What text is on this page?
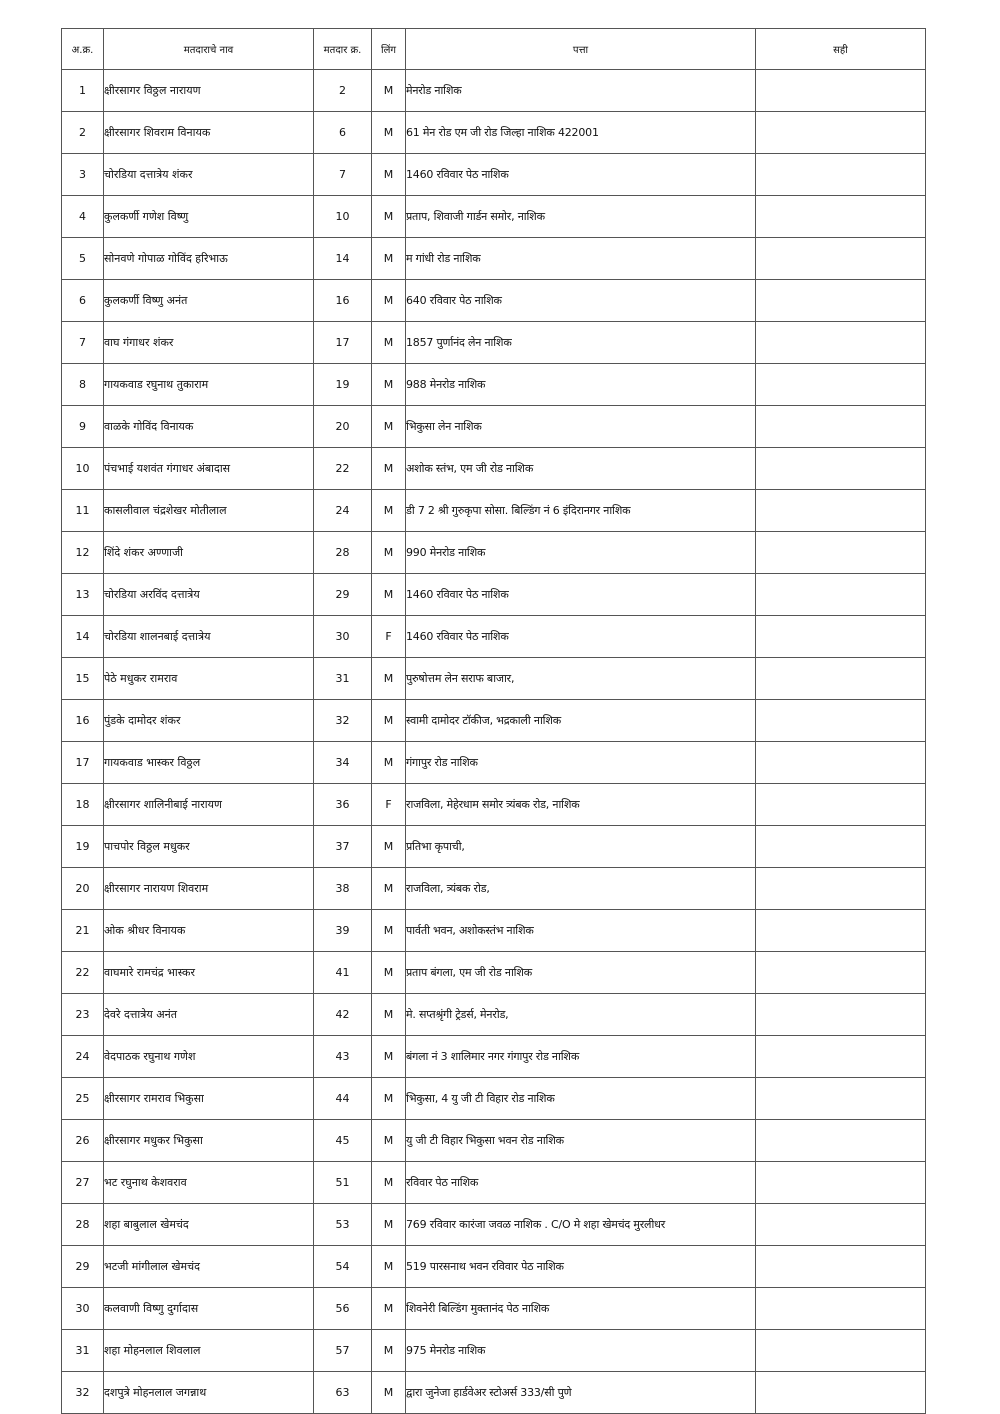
अ.क्र.	मतदाराचे नाव	मतदार क्र.	लिंग	पत्ता	सही
1	क्षीरसागर विठ्ठल नारायण	2	M	मेनरोड नाशिक	
2	क्षीरसागर शिवराम विनायक	6	M	61 मेन रोड एम जी रोड जिल्हा नाशिक 422001	
3	चोरडिया दत्तात्रेय शंकर	7	M	1460 रविवार पेठ नाशिक	
4	कुलकर्णी गणेश विष्णु	10	M	प्रताप, शिवाजी गार्डन समोर, नाशिक	
5	सोनवणे गोपाळ गोविंद हरिभाऊ	14	M	म गांधी रोड नाशिक	
6	कुलकर्णी विष्णु अनंत	16	M	640 रविवार पेठ नाशिक	
7	वाघ गंगाधर शंकर	17	M	1857 पुर्णानंद लेन नाशिक	
8	गायकवाड रघुनाथ तुकाराम	19	M	988 मेनरोड नाशिक	
9	वाळके गोविंद विनायक	20	M	भिकुसा लेन नाशिक	
10	पंचभाई यशवंत गंगाधर अंबादास	22	M	अशोक स्तंभ, एम जी रोड नाशिक	
11	कासलीवाल चंद्रशेखर मोतीलाल	24	M	डी 7 2 श्री गुरुकृपा सोसा. बिल्डिंग नं 6 इंदिरानगर नाशिक	
12	शिंदे शंकर अण्णाजी	28	M	990 मेनरोड नाशिक	
13	चोरडिया अरविंद दत्तात्रेय	29	M	1460 रविवार पेठ नाशिक	
14	चोरडिया शालनबाई दत्तात्रेय	30	F	1460 रविवार पेठ नाशिक	
15	पेठे मधुकर रामराव	31	M	पुरुषोत्तम लेन सराफ बाजार,	
16	पुंडके दामोदर शंकर	32	M	स्वामी दामोदर टॉकीज, भद्रकाली नाशिक	
17	गायकवाड भास्कर विठ्ठल	34	M	गंगापुर रोड नाशिक	
18	क्षीरसागर शालिनीबाई नारायण	36	F	राजविला, मेहेरधाम समोर त्र्यंबक रोड, नाशिक	
19	पाचपोर विठ्ठल मधुकर	37	M	प्रतिभा कृपाची,	
20	क्षीरसागर नारायण शिवराम	38	M	राजविला, त्र्यंबक रोड,	
21	ओक श्रीधर विनायक	39	M	पार्वती भवन, अशोकस्तंभ नाशिक	
22	वाघमारे रामचंद्र भास्कर	41	M	प्रताप बंगला, एम जी रोड नाशिक	
23	देवरे दत्तात्रेय अनंत	42	M	मे. सप्तश्रृंगी ट्रेडर्स, मेनरोड,	
24	वेदपाठक रघुनाथ गणेश	43	M	बंगला नं 3 शालिमार नगर गंगापुर रोड नाशिक	
25	क्षीरसागर रामराव भिकुसा	44	M	भिकुसा, 4 यु जी टी विहार रोड नाशिक	
26	क्षीरसागर मधुकर भिकुसा	45	M	यु जी टी विहार भिकुसा भवन रोड नाशिक	
27	भट रघुनाथ केशवराव	51	M	रविवार पेठ नाशिक	
28	शहा बाबुलाल खेमचंद	53	M	769 रविवार कारंजा जवळ नाशिक . C/O मे शहा खेमचंद मुरलीधर	
29	भटजी मांगीलाल खेमचंद	54	M	519 पारसनाथ भवन रविवार पेठ नाशिक	
30	कलवाणी विष्णु दुर्गादास	56	M	शिवनेरी बिल्डिंग मुक्तानंद पेठ नाशिक	
31	शहा मोहनलाल शिवलाल	57	M	975 मेनरोड नाशिक	
32	दशपुत्रे मोहनलाल जगन्नाथ	63	M	द्वारा जुनेजा हार्डवेअर स्टोअर्स 333/सी पुणे	
